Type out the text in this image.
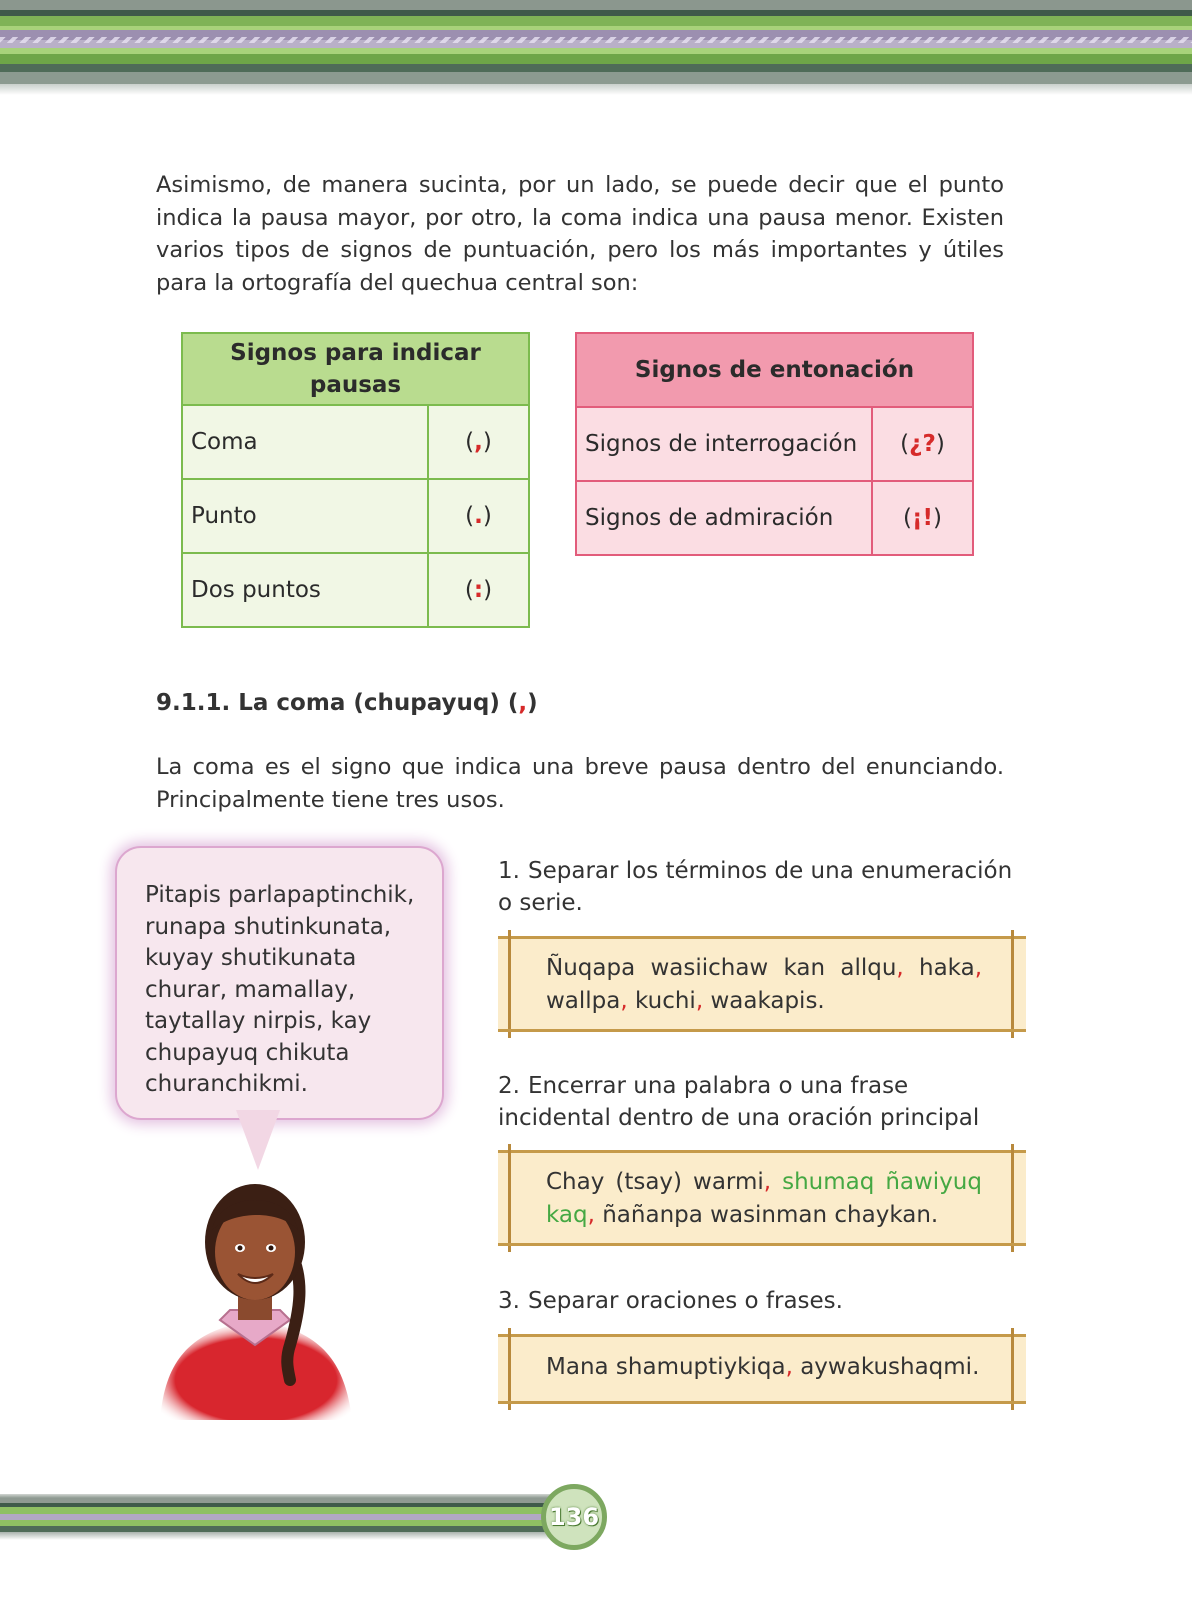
Asimismo, de manera sucinta, por un lado, se puede decir que el punto indica la pausa mayor, por otro, la coma indica una pausa menor. Existen varios tipos de signos de puntuación, pero los más importantes y útiles para la ortografía del quechua central son:
Signos para indicar pausas	
Coma	(,)
Punto	(.)
Dos puntos	(:)
Signos de entonación	
Signos de interrogación	(¿?)
Signos de admiración	(¡!)
9.1.1. La coma (chupayuq) (,)
La coma es el signo que indica una breve pausa dentro del enunciando. Principalmente tiene tres usos.
Pitapis parlapaptinchik, runapa shutinkunata, kuyay shutikunata churar, mamallay, taytallay nirpis, kay chupayuq chikuta churanchikmi.
1. Separar los términos de una enumeración o serie.
Ñuqapa wasiichaw kan allqu, haka, wallpa, kuchi, waakapis.
2. Encerrar una palabra o una frase incidental dentro de una oración principal
Chay (tsay) warmi, shumaq ñawiyuq kaq, ñañanpa wasinman chaykan.
3. Separar oraciones o frases.
Mana shamuptiykiqa, aywakushaqmi.
136
